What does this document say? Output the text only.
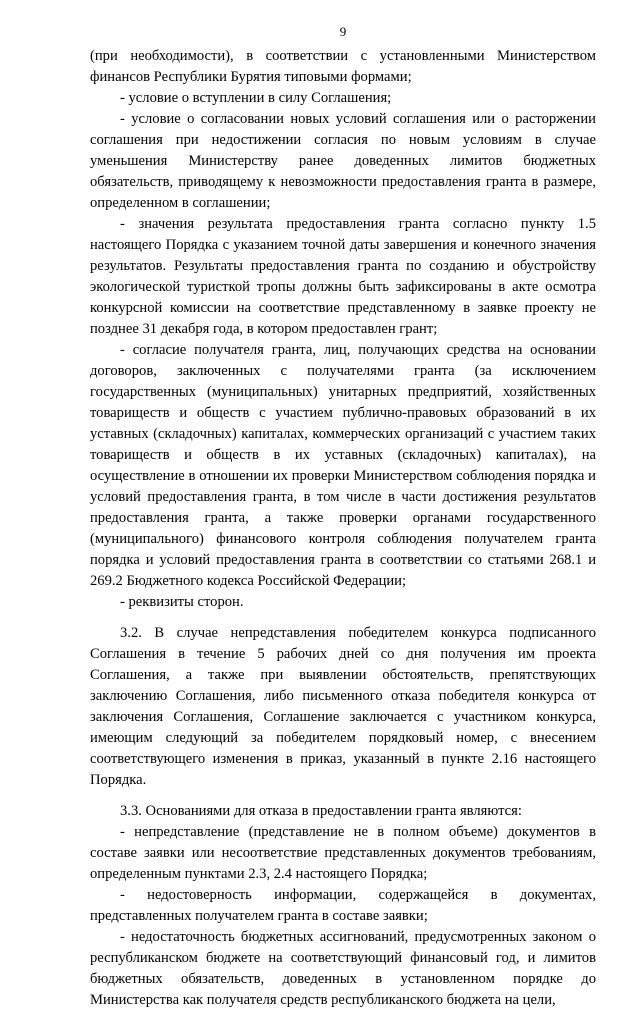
9

(при необходимости), в соответствии с установленными Министерством финансов Республики Бурятия типовыми формами;

- условие о вступлении в силу Соглашения;

- условие о согласовании новых условий соглашения или о расторжении соглашения при недостижении согласия по новым условиям в случае уменьшения Министерству ранее доведенных лимитов бюджетных обязательств, приводящему к невозможности предоставления гранта в размере, определенном в соглашении;

- значения результата предоставления гранта согласно пункту 1.5 настоящего Порядка с указанием точной даты завершения и конечного значения результатов. Результаты предоставления гранта по созданию и обустройству экологической туристкой тропы должны быть зафиксированы в акте осмотра конкурсной комиссии на соответствие представленному в заявке проекту не позднее 31 декабря года, в котором предоставлен грант;

- согласие получателя гранта, лиц, получающих средства на основании договоров, заключенных с получателями гранта (за исключением государственных (муниципальных) унитарных предприятий, хозяйственных товариществ и обществ с участием публично-правовых образований в их уставных (складочных) капиталах, коммерческих организаций с участием таких товариществ и обществ в их уставных (складочных) капиталах), на осуществление в отношении их проверки Министерством соблюдения порядка и условий предоставления гранта, в том числе в части достижения результатов предоставления гранта, а также проверки органами государственного (муниципального) финансового контроля соблюдения получателем гранта порядка и условий предоставления гранта в соответствии со статьями 268.1 и 269.2 Бюджетного кодекса Российской Федерации;

- реквизиты сторон.

3.2. В случае непредставления победителем конкурса подписанного Соглашения в течение 5 рабочих дней со дня получения им проекта Соглашения, а также при выявлении обстоятельств, препятствующих заключению Соглашения, либо письменного отказа победителя конкурса от заключения Соглашения, Соглашение заключается с участником конкурса, имеющим следующий за победителем порядковый номер, с внесением соответствующего изменения в приказ, указанный в пункте 2.16 настоящего Порядка.

3.3. Основаниями для отказа в предоставлении гранта являются:

- непредставление (представление не в полном объеме) документов в составе заявки или несоответствие представленных документов требованиям, определенным пунктами 2.3, 2.4 настоящего Порядка;

- недостоверность информации, содержащейся в документах, представленных получателем гранта в составе заявки;

- недостаточность бюджетных ассигнований, предусмотренных законом о республиканском бюджете на соответствующий финансовый год, и лимитов бюджетных обязательств, доведенных в установленном порядке до Министерства как получателя средств республиканского бюджета на цели,
